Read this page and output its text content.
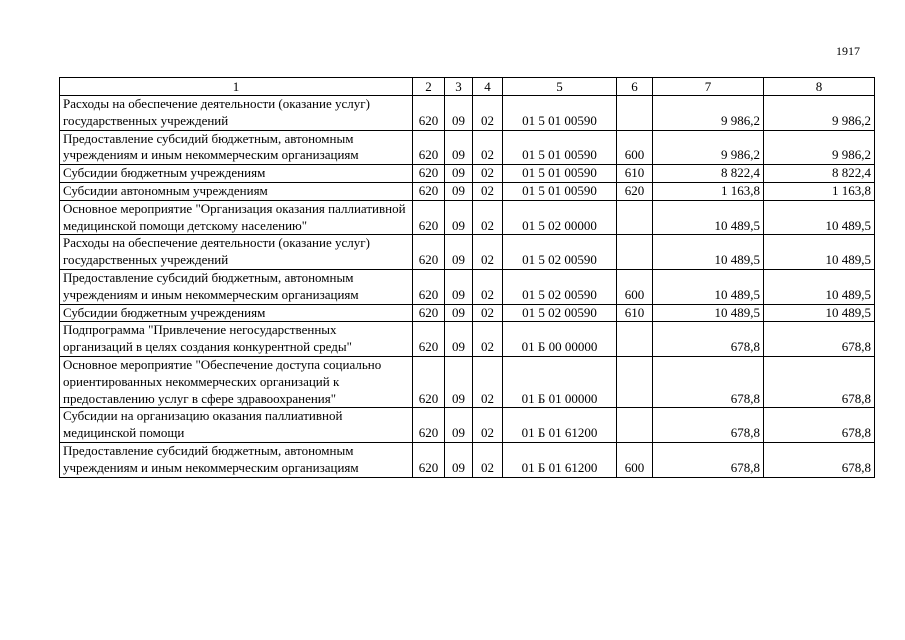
1917
1	2	3	4	5	6	7	8
Расходы на обеспечение деятельности (оказание услуг) государственных учреждений	620	09	02	01 5 01 00590		9 986,2	9 986,2
Предоставление субсидий бюджетным, автономным учреждениям и иным некоммерческим организациям	620	09	02	01 5 01 00590	600	9 986,2	9 986,2
Субсидии бюджетным учреждениям	620	09	02	01 5 01 00590	610	8 822,4	8 822,4
Субсидии автономным учреждениям	620	09	02	01 5 01 00590	620	1 163,8	1 163,8
Основное мероприятие "Организация оказания паллиативной медицинской помощи детскому населению"	620	09	02	01 5 02 00000		10 489,5	10 489,5
Расходы на обеспечение деятельности (оказание услуг) государственных учреждений	620	09	02	01 5 02 00590		10 489,5	10 489,5
Предоставление субсидий бюджетным, автономным учреждениям и иным некоммерческим организациям	620	09	02	01 5 02 00590	600	10 489,5	10 489,5
Субсидии бюджетным учреждениям	620	09	02	01 5 02 00590	610	10 489,5	10 489,5
Подпрограмма "Привлечение негосударственных организаций в целях создания конкурентной среды"	620	09	02	01 Б 00 00000		678,8	678,8
Основное мероприятие "Обеспечение доступа социально ориентированных некоммерческих организаций к предоставлению услуг в сфере здравоохранения"	620	09	02	01 Б 01 00000		678,8	678,8
Субсидии на организацию оказания паллиативной медицинской помощи	620	09	02	01 Б 01 61200		678,8	678,8
Предоставление субсидий бюджетным, автономным учреждениям и иным некоммерческим организациям	620	09	02	01 Б 01 61200	600	678,8	678,8
